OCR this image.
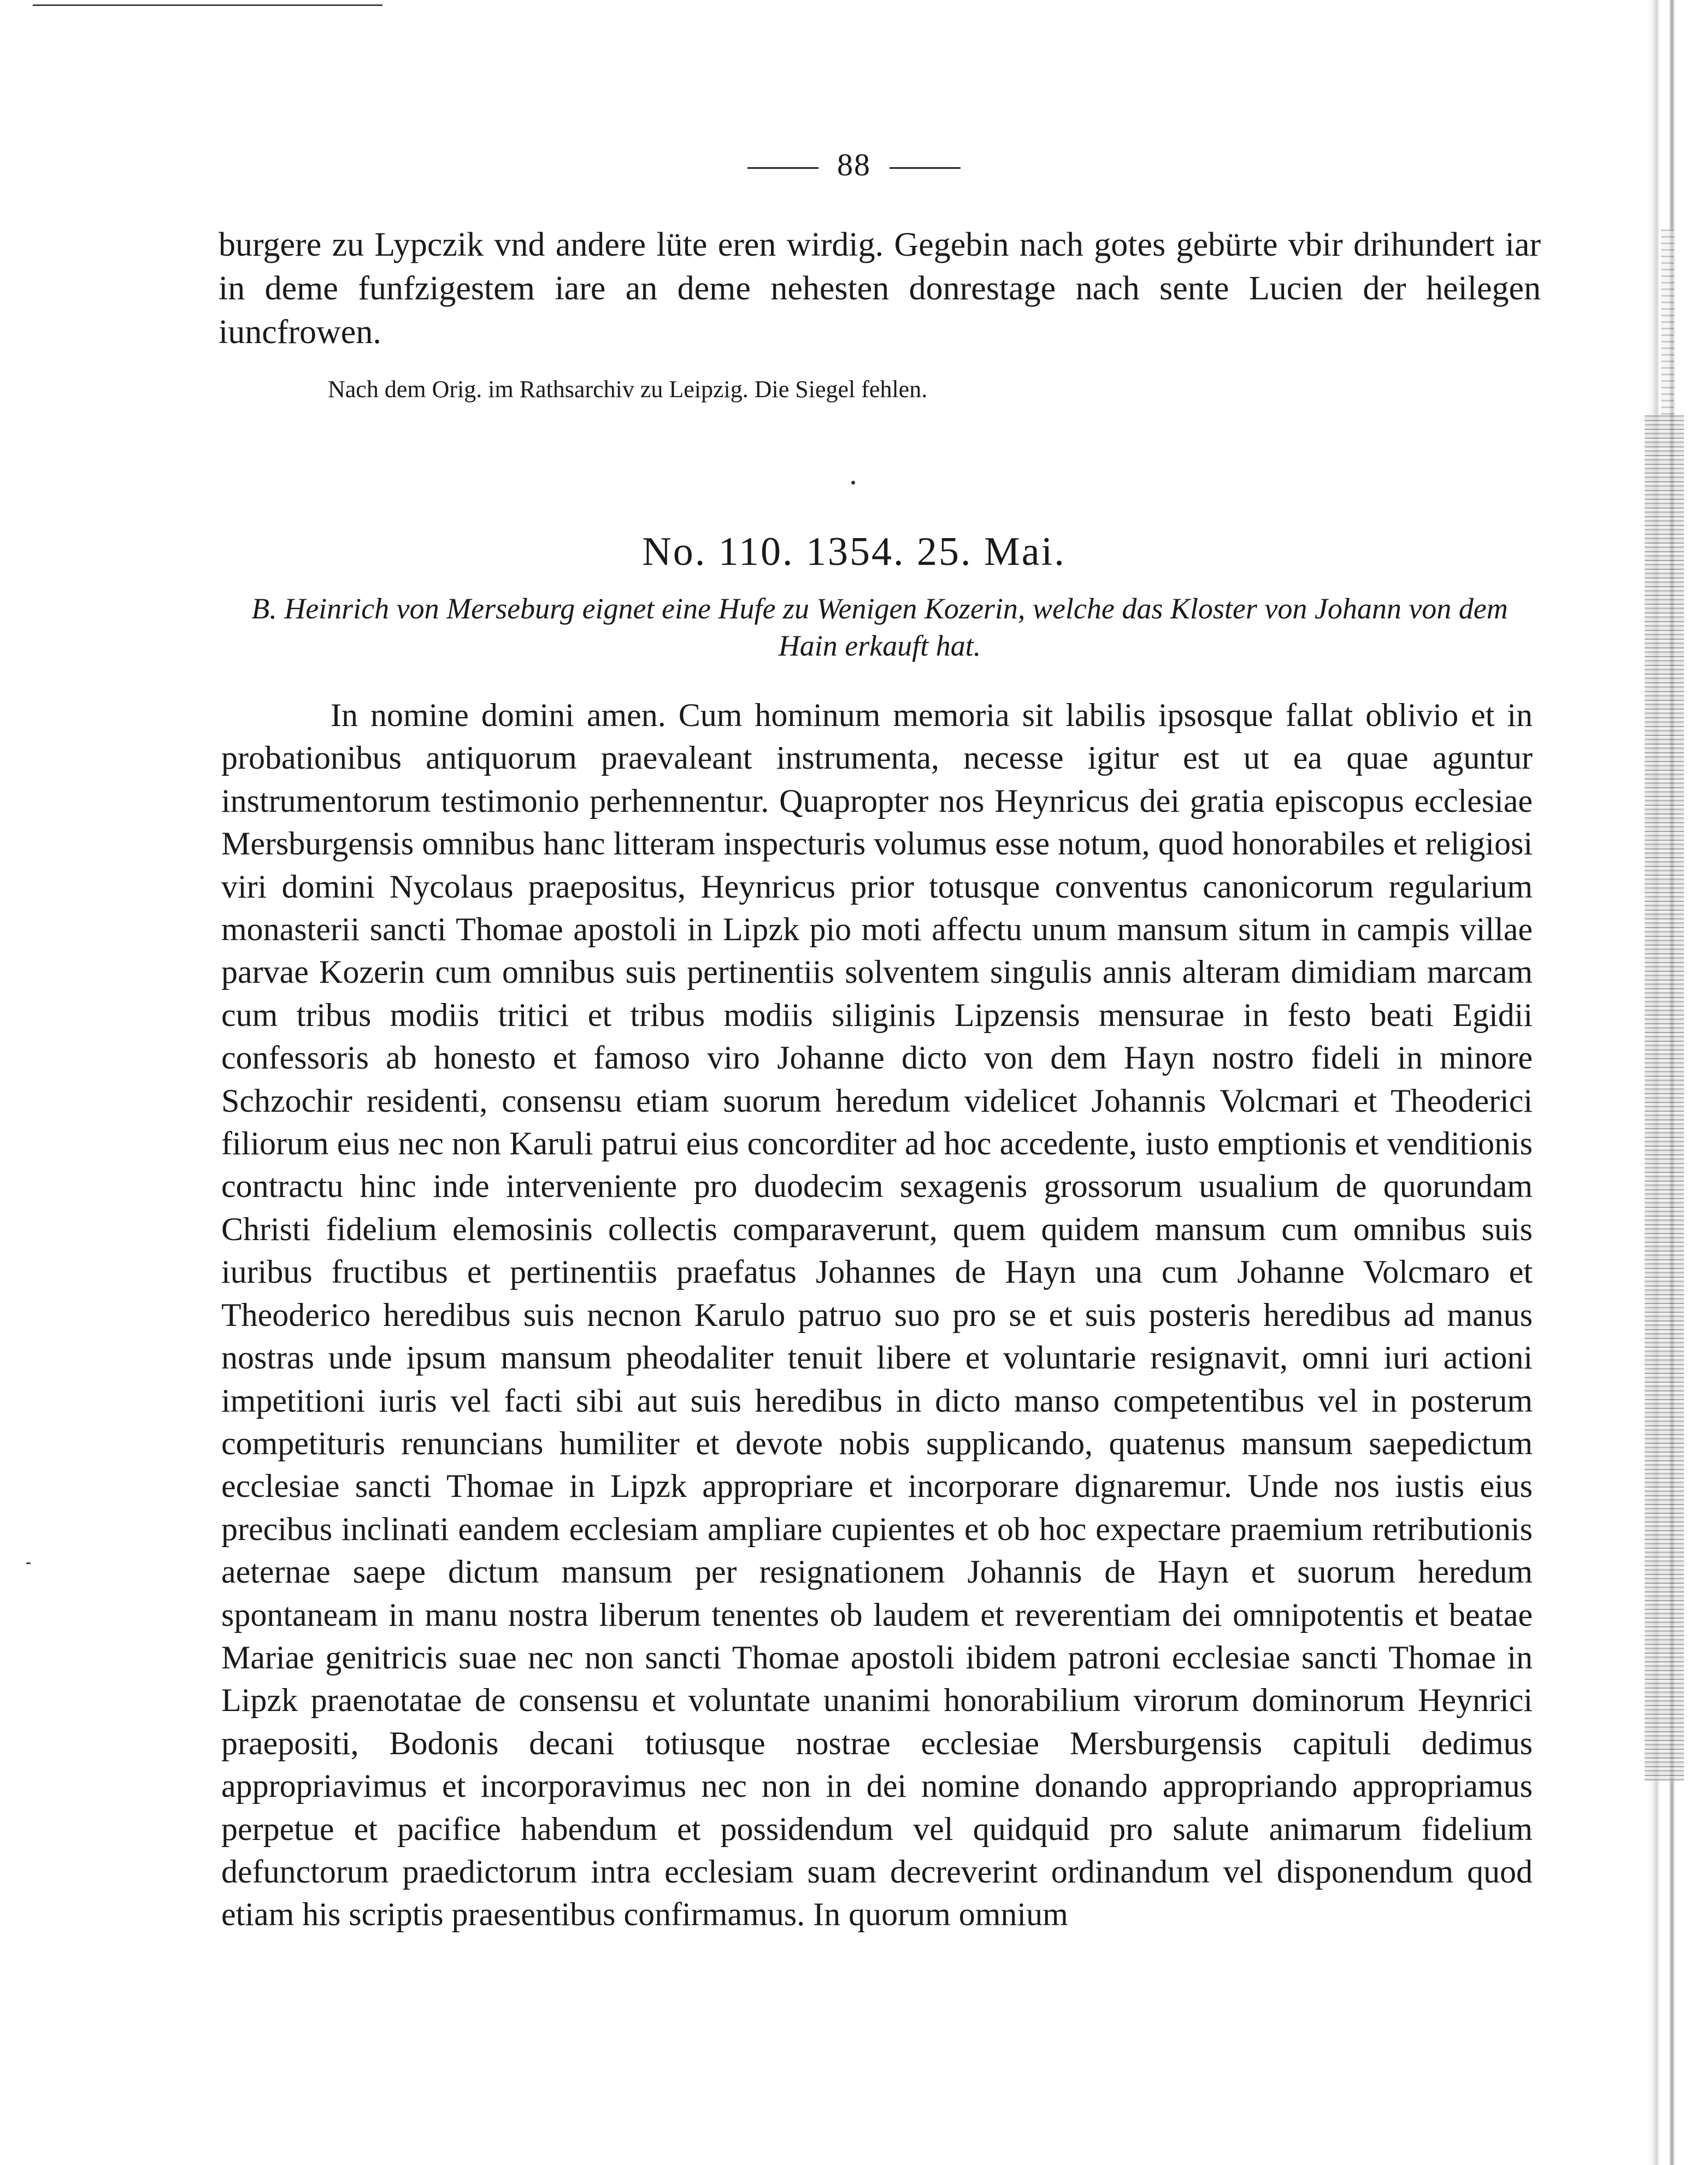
88
burgere zu Lypczik vnd andere lüte eren wirdig. Gegebin nach gotes gebürte vbir drihundert iar in deme funfzigestem iare an deme nehesten donrestage nach sente Lucien der heilegen iuncfrowen.
Nach dem Orig. im Rathsarchiv zu Leipzig. Die Siegel fehlen.
No. 110. 1354. 25. Mai.
B. Heinrich von Merseburg eignet eine Hufe zu Wenigen Kozerin, welche das Kloster von Johann von dem Hain erkauft hat.
In nomine domini amen. Cum hominum memoria sit labilis ipsosque fallat oblivio et in probationibus antiquorum praevaleant instrumenta, necesse igitur est ut ea quae aguntur instrumentorum testimonio perhennentur. Quapropter nos Heynricus dei gratia episcopus ecclesiae Mersburgensis omnibus hanc litteram inspecturis volumus esse notum, quod honorabiles et religiosi viri domini Nycolaus praepositus, Heynricus prior totusque conventus canonicorum regularium monasterii sancti Thomae apostoli in Lipzk pio moti affectu unum mansum situm in campis villae parvae Kozerin cum omnibus suis pertinentiis solventem singulis annis alteram dimidiam marcam cum tribus modiis tritici et tribus modiis siliginis Lipzensis mensurae in festo beati Egidii confessoris ab honesto et famoso viro Johanne dicto von dem Hayn nostro fideli in minore Schzochir residenti, consensu etiam suorum heredum videlicet Johannis Volcmari et Theoderici filiorum eius nec non Karuli patrui eius concorditer ad hoc accedente, iusto emptionis et venditionis contractu hinc inde interveniente pro duodecim sexagenis grossorum usualium de quorundam Christi fidelium elemosinis collectis comparaverunt, quem quidem mansum cum omnibus suis iuribus fructibus et pertinentiis praefatus Johannes de Hayn una cum Johanne Volcmaro et Theoderico heredibus suis necnon Karulo patruo suo pro se et suis posteris heredibus ad manus nostras unde ipsum mansum pheodaliter tenuit libere et voluntarie resignavit, omni iuri actioni impetitioni iuris vel facti sibi aut suis heredibus in dicto manso competentibus vel in posterum competituris renuncians humiliter et devote nobis supplicando, quatenus mansum saepedictum ecclesiae sancti Thomae in Lipzk appropriare et incorporare dignaremur. Unde nos iustis eius precibus inclinati eandem ecclesiam ampliare cupientes et ob hoc expectare praemium retributionis aeternae saepe dictum mansum per resignationem Johannis de Hayn et suorum heredum spontaneam in manu nostra liberum tenentes ob laudem et reverentiam dei omnipotentis et beatae Mariae genitricis suae nec non sancti Thomae apostoli ibidem patroni ecclesiae sancti Thomae in Lipzk praenotatae de consensu et voluntate unanimi honorabilium virorum dominorum Heynrici praepositi, Bodonis decani totiusque nostrae ecclesiae Mersburgensis capituli dedimus appropriavimus et incorporavimus nec non in dei nomine donando appropriando appropriamus perpetue et pacifice habendum et possidendum vel quidquid pro salute animarum fidelium defunctorum praedictorum intra ecclesiam suam decreverint ordinandum vel disponendum quod etiam his scriptis praesentibus confirmamus. In quorum omnium
